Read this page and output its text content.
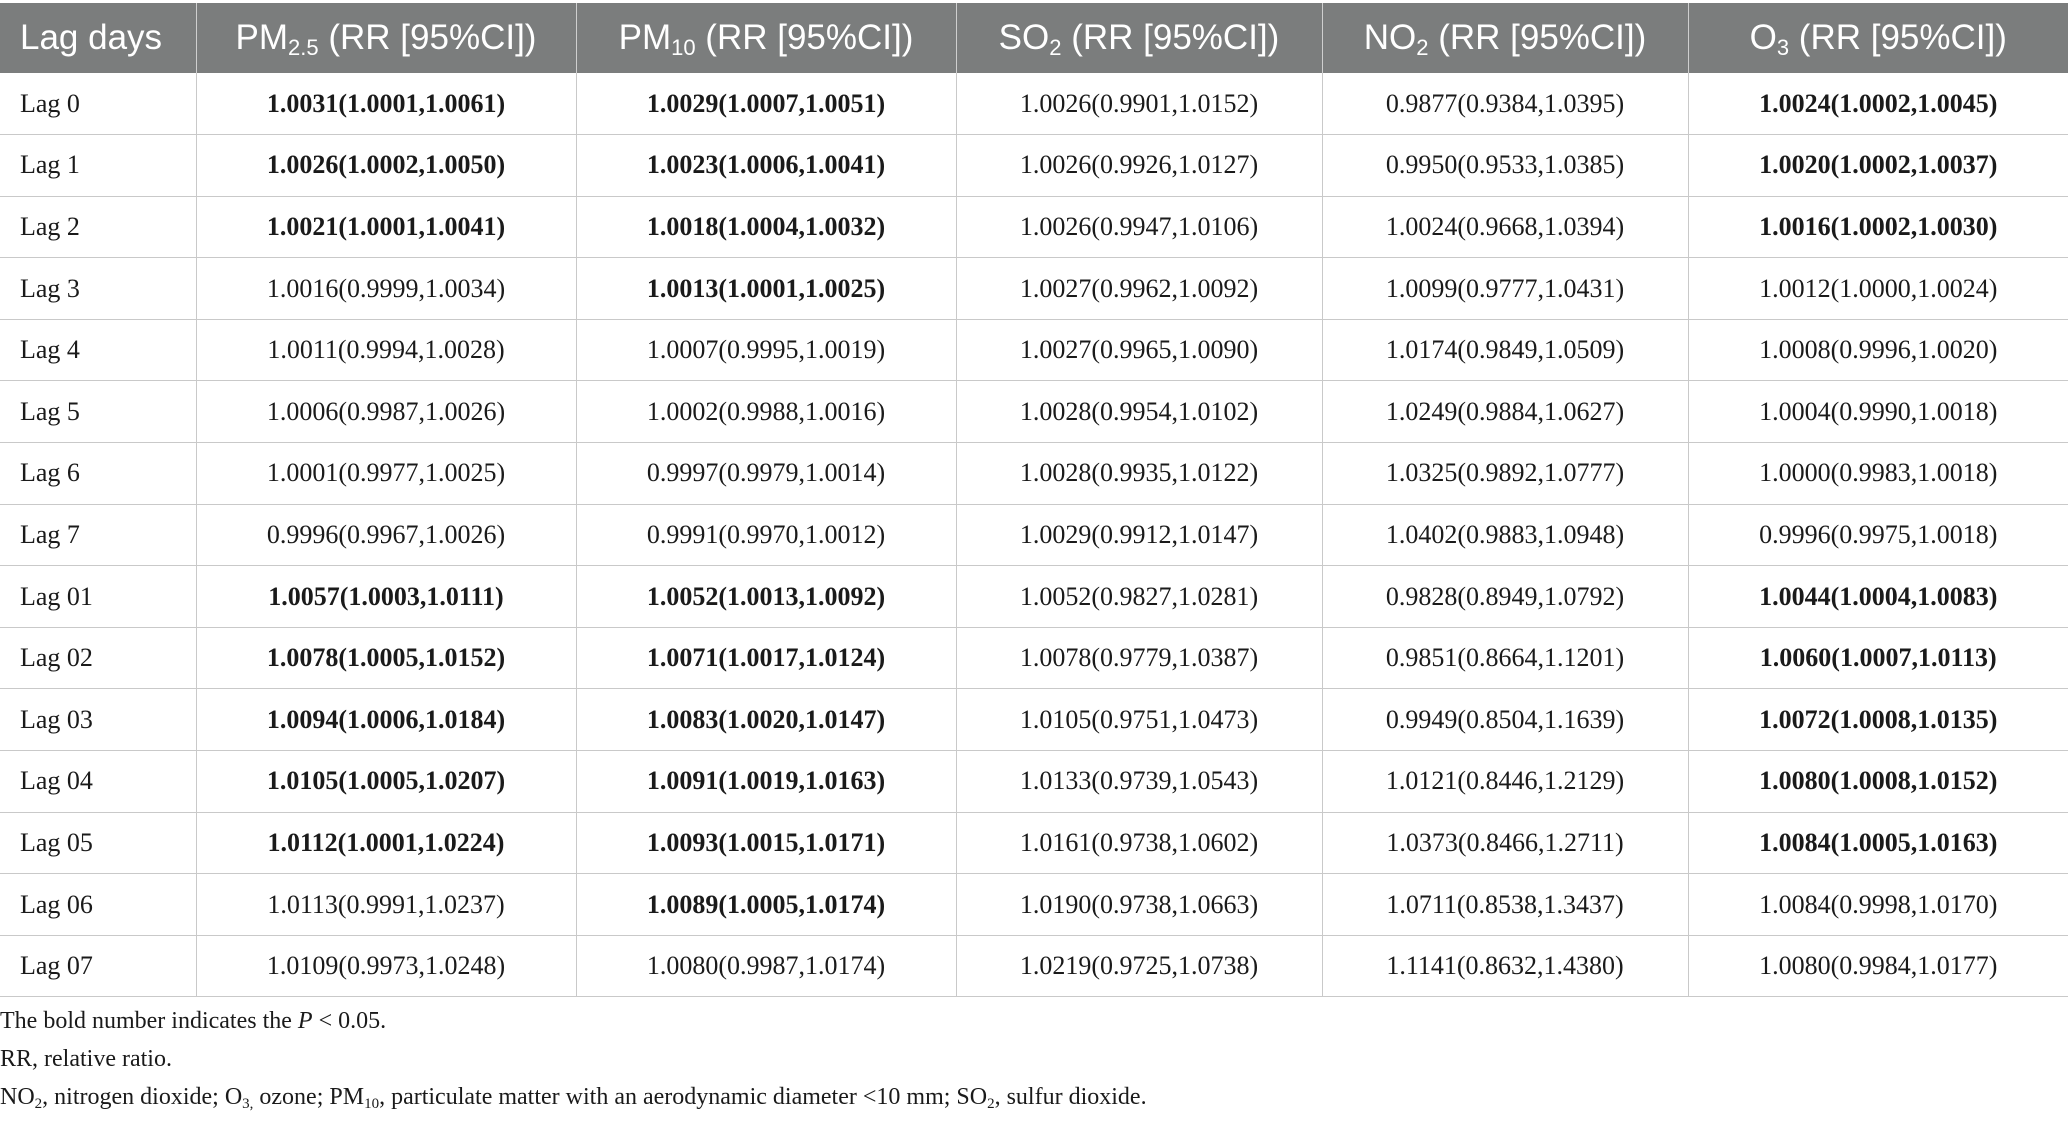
Lag days	$PM_{2.5}$ (RR [95%CI])	$PM_{10}$ (RR [95%CI])	$SO_2$ (RR [95%CI])	$NO_2$ (RR [95%CI])	$O_3$ (RR [95%CI])
Lag 0	1.0031(1.0001,1.0061)	1.0029(1.0007,1.0051)	1.0026(0.9901,1.0152)	0.9877(0.9384,1.0395)	1.0024(1.0002,1.0045)
Lag 1	1.0026(1.0002,1.0050)	1.0023(1.0006,1.0041)	1.0026(0.9926,1.0127)	0.9950(0.9533,1.0385)	1.0020(1.0002,1.0037)
Lag 2	1.0021(1.0001,1.0041)	1.0018(1.0004,1.0032)	1.0026(0.9947,1.0106)	1.0024(0.9668,1.0394)	1.0016(1.0002,1.0030)
Lag 3	1.0016(0.9999,1.0034)	1.0013(1.0001,1.0025)	1.0027(0.9962,1.0092)	1.0099(0.9777,1.0431)	1.0012(1.0000,1.0024)
Lag 4	1.0011(0.9994,1.0028)	1.0007(0.9995,1.0019)	1.0027(0.9965,1.0090)	1.0174(0.9849,1.0509)	1.0008(0.9996,1.0020)
Lag 5	1.0006(0.9987,1.0026)	1.0002(0.9988,1.0016)	1.0028(0.9954,1.0102)	1.0249(0.9884,1.0627)	1.0004(0.9990,1.0018)
Lag 6	1.0001(0.9977,1.0025)	0.9997(0.9979,1.0014)	1.0028(0.9935,1.0122)	1.0325(0.9892,1.0777)	1.0000(0.9983,1.0018)
Lag 7	0.9996(0.9967,1.0026)	0.9991(0.9970,1.0012)	1.0029(0.9912,1.0147)	1.0402(0.9883,1.0948)	0.9996(0.9975,1.0018)
Lag 01	1.0057(1.0003,1.0111)	1.0052(1.0013,1.0092)	1.0052(0.9827,1.0281)	0.9828(0.8949,1.0792)	1.0044(1.0004,1.0083)
Lag 02	1.0078(1.0005,1.0152)	1.0071(1.0017,1.0124)	1.0078(0.9779,1.0387)	0.9851(0.8664,1.1201)	1.0060(1.0007,1.0113)
Lag 03	1.0094(1.0006,1.0184)	1.0083(1.0020,1.0147)	1.0105(0.9751,1.0473)	0.9949(0.8504,1.1639)	1.0072(1.0008,1.0135)
Lag 04	1.0105(1.0005,1.0207)	1.0091(1.0019,1.0163)	1.0133(0.9739,1.0543)	1.0121(0.8446,1.2129)	1.0080(1.0008,1.0152)
Lag 05	1.0112(1.0001,1.0224)	1.0093(1.0015,1.0171)	1.0161(0.9738,1.0602)	1.0373(0.8466,1.2711)	1.0084(1.0005,1.0163)
Lag 06	1.0113(0.9991,1.0237)	1.0089(1.0005,1.0174)	1.0190(0.9738,1.0663)	1.0711(0.8538,1.3437)	1.0084(0.9998,1.0170)
Lag 07	1.0109(0.9973,1.0248)	1.0080(0.9987,1.0174)	1.0219(0.9725,1.0738)	1.1141(0.8632,1.4380)	1.0080(0.9984,1.0177)

The bold number indicates the P < 0.05.

RR, relative ratio.

$NO_2$, nitrogen dioxide; $O_{3,}$ ozone; $PM_{10}$, particulate matter with an aerodynamic diameter <10 mm; $SO_2$, sulfur dioxide.
